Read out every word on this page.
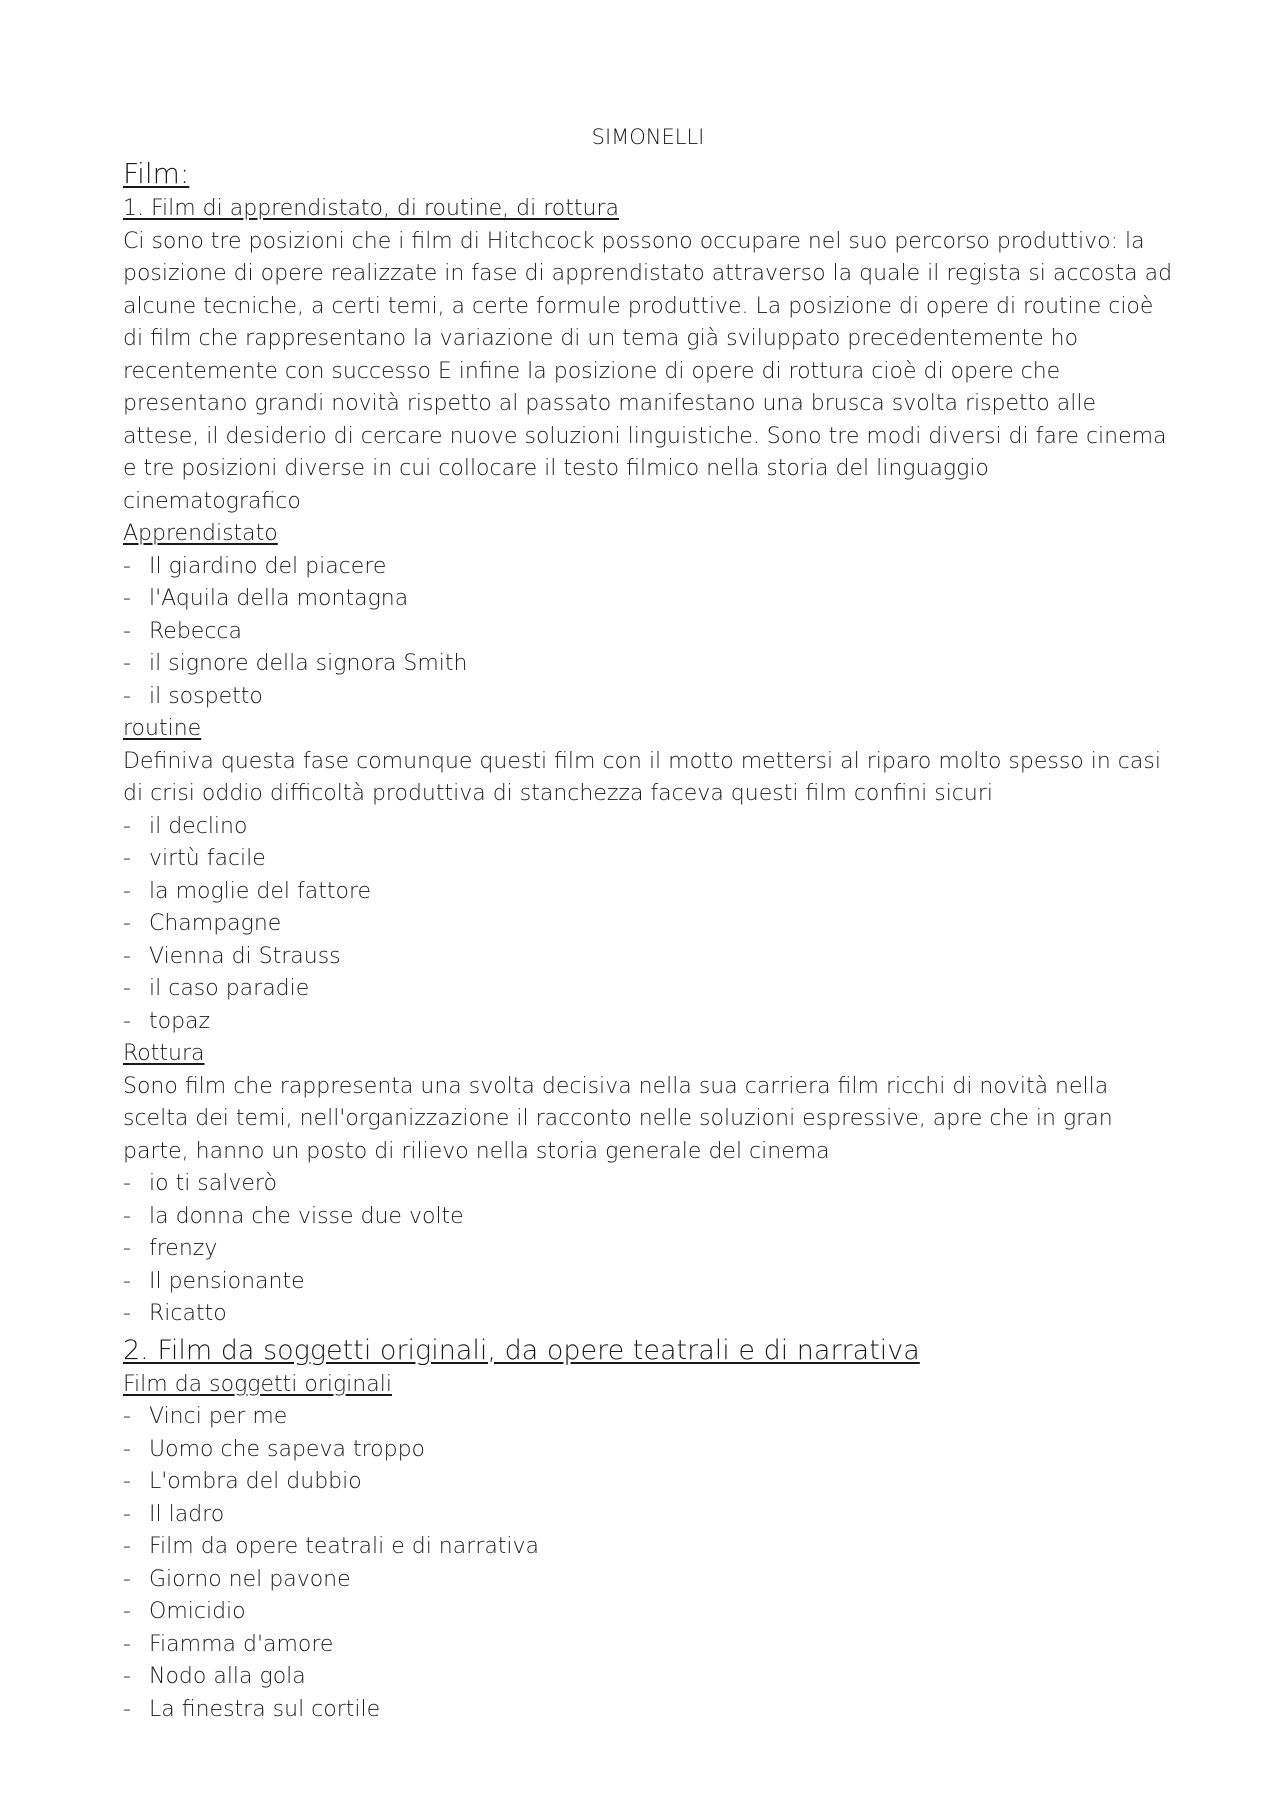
SIMONELLI
Film:
1. Film di apprendistato, di routine, di rottura

Ci sono tre posizioni che i film di Hitchcock possono occupare nel suo percorso produttivo: la posizione di opere realizzate in fase di apprendistato attraverso la quale il regista si accosta ad alcune tecniche, a certi temi, a certe formule produttive. La posizione di opere di routine cioè di film che rappresentano la variazione di un tema già sviluppato precedentemente ho recentemente con successo E infine la posizione di opere di rottura cioè di opere che presentano grandi novità rispetto al passato manifestano una brusca svolta rispetto alle attese, il desiderio di cercare nuove soluzioni linguistiche. Sono tre modi diversi di fare cinema e tre posizioni diverse in cui collocare il testo filmico nella storia del linguaggio cinematografico

Apprendistato
- Il giardino del piacere
- l'Aquila della montagna
- Rebecca
- il signore della signora Smith
- il sospetto
routine

Definiva questa fase comunque questi film con il motto mettersi al riparo molto spesso in casi di crisi oddio difficoltà produttiva di stanchezza faceva questi film confini sicuri

- il declino
- virtù facile
- la moglie del fattore
- Champagne
- Vienna di Strauss
- il caso paradie
- topaz
Rottura

Sono film che rappresenta una svolta decisiva nella sua carriera film ricchi di novità nella scelta dei temi, nell'organizzazione il racconto nelle soluzioni espressive, apre che in gran parte, hanno un posto di rilievo nella storia generale del cinema

- io ti salverò
- la donna che visse due volte
- frenzy
- Il pensionante
- Ricatto
2. Film da soggetti originali, da opere teatrali e di narrativa
Film da soggetti originali
- Vinci per me
- Uomo che sapeva troppo
- L'ombra del dubbio
- Il ladro
- Film da opere teatrali e di narrativa
- Giorno nel pavone
- Omicidio
- Fiamma d'amore
- Nodo alla gola
- La finestra sul cortile
